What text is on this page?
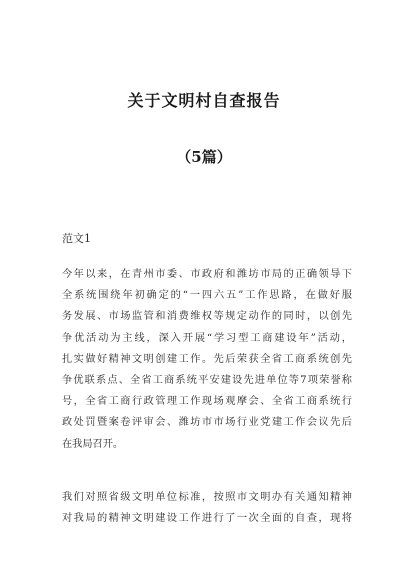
关于文明村自查报告
（5篇）
范文1
今年以来，在青州市委、市政府和潍坊市局的正确领导下
全系统围绕年初确定的“一四六五”工作思路，在做好服
务发展、市场监管和消费维权等规定动作的同时，以创先
争优活动为主线，深入开展“学习型工商建设年”活动，
扎实做好精神文明创建工作。先后荣获全省工商系统创先
争优联系点、全省工商系统平安建设先进单位等7项荣誉称
号，全省工商行政管理工作现场观摩会、全省工商系统行
政处罚暨案卷评审会、潍坊市市场行业党建工作会议先后
在我局召开。
我们对照省级文明单位标准，按照市文明办有关通知精神
对我局的精神文明建设工作进行了一次全面的自查，现将
